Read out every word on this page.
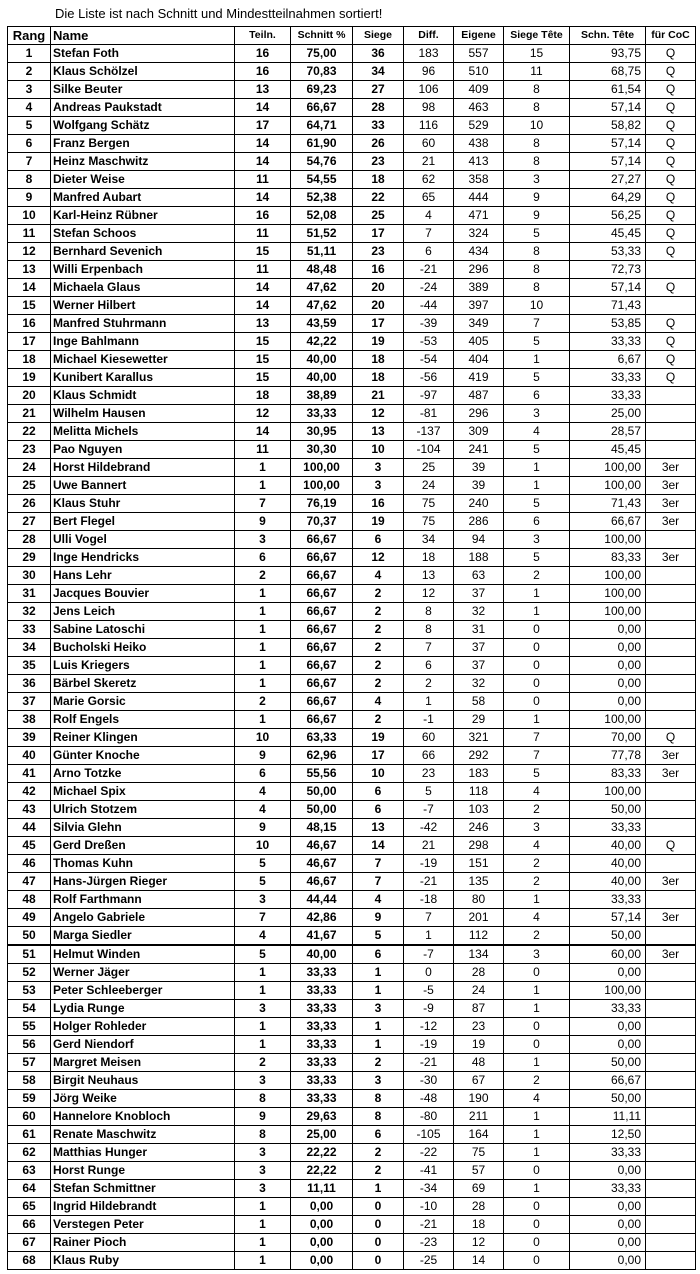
Die Liste ist nach Schnitt und Mindestteilnahmen sortiert!
Rang	Name	Teiln.	Schnitt %	Siege	Diff.	Eigene	Siege Tête	Schn. Tête	für CoC
1	Stefan Foth	16	75,00	36	183	557	15	93,75	Q
2	Klaus Schölzel	16	70,83	34	96	510	11	68,75	Q
3	Silke Beuter	13	69,23	27	106	409	8	61,54	Q
4	Andreas Paukstadt	14	66,67	28	98	463	8	57,14	Q
5	Wolfgang Schätz	17	64,71	33	116	529	10	58,82	Q
6	Franz Bergen	14	61,90	26	60	438	8	57,14	Q
7	Heinz Maschwitz	14	54,76	23	21	413	8	57,14	Q
8	Dieter Weise	11	54,55	18	62	358	3	27,27	Q
9	Manfred Aubart	14	52,38	22	65	444	9	64,29	Q
10	Karl-Heinz Rübner	16	52,08	25	4	471	9	56,25	Q
11	Stefan Schoos	11	51,52	17	7	324	5	45,45	Q
12	Bernhard Sevenich	15	51,11	23	6	434	8	53,33	Q
13	Willi Erpenbach	11	48,48	16	-21	296	8	72,73	
14	Michaela Glaus	14	47,62	20	-24	389	8	57,14	Q
15	Werner Hilbert	14	47,62	20	-44	397	10	71,43	
16	Manfred Stuhrmann	13	43,59	17	-39	349	7	53,85	Q
17	Inge Bahlmann	15	42,22	19	-53	405	5	33,33	Q
18	Michael Kiesewetter	15	40,00	18	-54	404	1	6,67	Q
19	Kunibert Karallus	15	40,00	18	-56	419	5	33,33	Q
20	Klaus Schmidt	18	38,89	21	-97	487	6	33,33	
21	Wilhelm Hausen	12	33,33	12	-81	296	3	25,00	
22	Melitta Michels	14	30,95	13	-137	309	4	28,57	
23	Pao Nguyen	11	30,30	10	-104	241	5	45,45	
24	Horst Hildebrand	1	100,00	3	25	39	1	100,00	3er
25	Uwe Bannert	1	100,00	3	24	39	1	100,00	3er
26	Klaus Stuhr	7	76,19	16	75	240	5	71,43	3er
27	Bert Flegel	9	70,37	19	75	286	6	66,67	3er
28	Ulli Vogel	3	66,67	6	34	94	3	100,00	
29	Inge Hendricks	6	66,67	12	18	188	5	83,33	3er
30	Hans Lehr	2	66,67	4	13	63	2	100,00	
31	Jacques Bouvier	1	66,67	2	12	37	1	100,00	
32	Jens Leich	1	66,67	2	8	32	1	100,00	
33	Sabine Latoschi	1	66,67	2	8	31	0	0,00	
34	Bucholski Heiko	1	66,67	2	7	37	0	0,00	
35	Luis Kriegers	1	66,67	2	6	37	0	0,00	
36	Bärbel Skeretz	1	66,67	2	2	32	0	0,00	
37	Marie Gorsic	2	66,67	4	1	58	0	0,00	
38	Rolf Engels	1	66,67	2	-1	29	1	100,00	
39	Reiner Klingen	10	63,33	19	60	321	7	70,00	Q
40	Günter Knoche	9	62,96	17	66	292	7	77,78	3er
41	Arno Totzke	6	55,56	10	23	183	5	83,33	3er
42	Michael Spix	4	50,00	6	5	118	4	100,00	
43	Ulrich Stotzem	4	50,00	6	-7	103	2	50,00	
44	Silvia Glehn	9	48,15	13	-42	246	3	33,33	
45	Gerd Dreßen	10	46,67	14	21	298	4	40,00	Q
46	Thomas Kuhn	5	46,67	7	-19	151	2	40,00	
47	Hans-Jürgen Rieger	5	46,67	7	-21	135	2	40,00	3er
48	Rolf Farthmann	3	44,44	4	-18	80	1	33,33	
49	Angelo Gabriele	7	42,86	9	7	201	4	57,14	3er
50	Marga Siedler	4	41,67	5	1	112	2	50,00	
51	Helmut Winden	5	40,00	6	-7	134	3	60,00	3er
52	Werner Jäger	1	33,33	1	0	28	0	0,00	
53	Peter Schleeberger	1	33,33	1	-5	24	1	100,00	
54	Lydia Runge	3	33,33	3	-9	87	1	33,33	
55	Holger Rohleder	1	33,33	1	-12	23	0	0,00	
56	Gerd Niendorf	1	33,33	1	-19	19	0	0,00	
57	Margret Meisen	2	33,33	2	-21	48	1	50,00	
58	Birgit Neuhaus	3	33,33	3	-30	67	2	66,67	
59	Jörg Weike	8	33,33	8	-48	190	4	50,00	
60	Hannelore Knobloch	9	29,63	8	-80	211	1	11,11	
61	Renate Maschwitz	8	25,00	6	-105	164	1	12,50	
62	Matthias Hunger	3	22,22	2	-22	75	1	33,33	
63	Horst Runge	3	22,22	2	-41	57	0	0,00	
64	Stefan Schmittner	3	11,11	1	-34	69	1	33,33	
65	Ingrid Hildebrandt	1	0,00	0	-10	28	0	0,00	
66	Verstegen Peter	1	0,00	0	-21	18	0	0,00	
67	Rainer Pioch	1	0,00	0	-23	12	0	0,00	
68	Klaus Ruby	1	0,00	0	-25	14	0	0,00	
